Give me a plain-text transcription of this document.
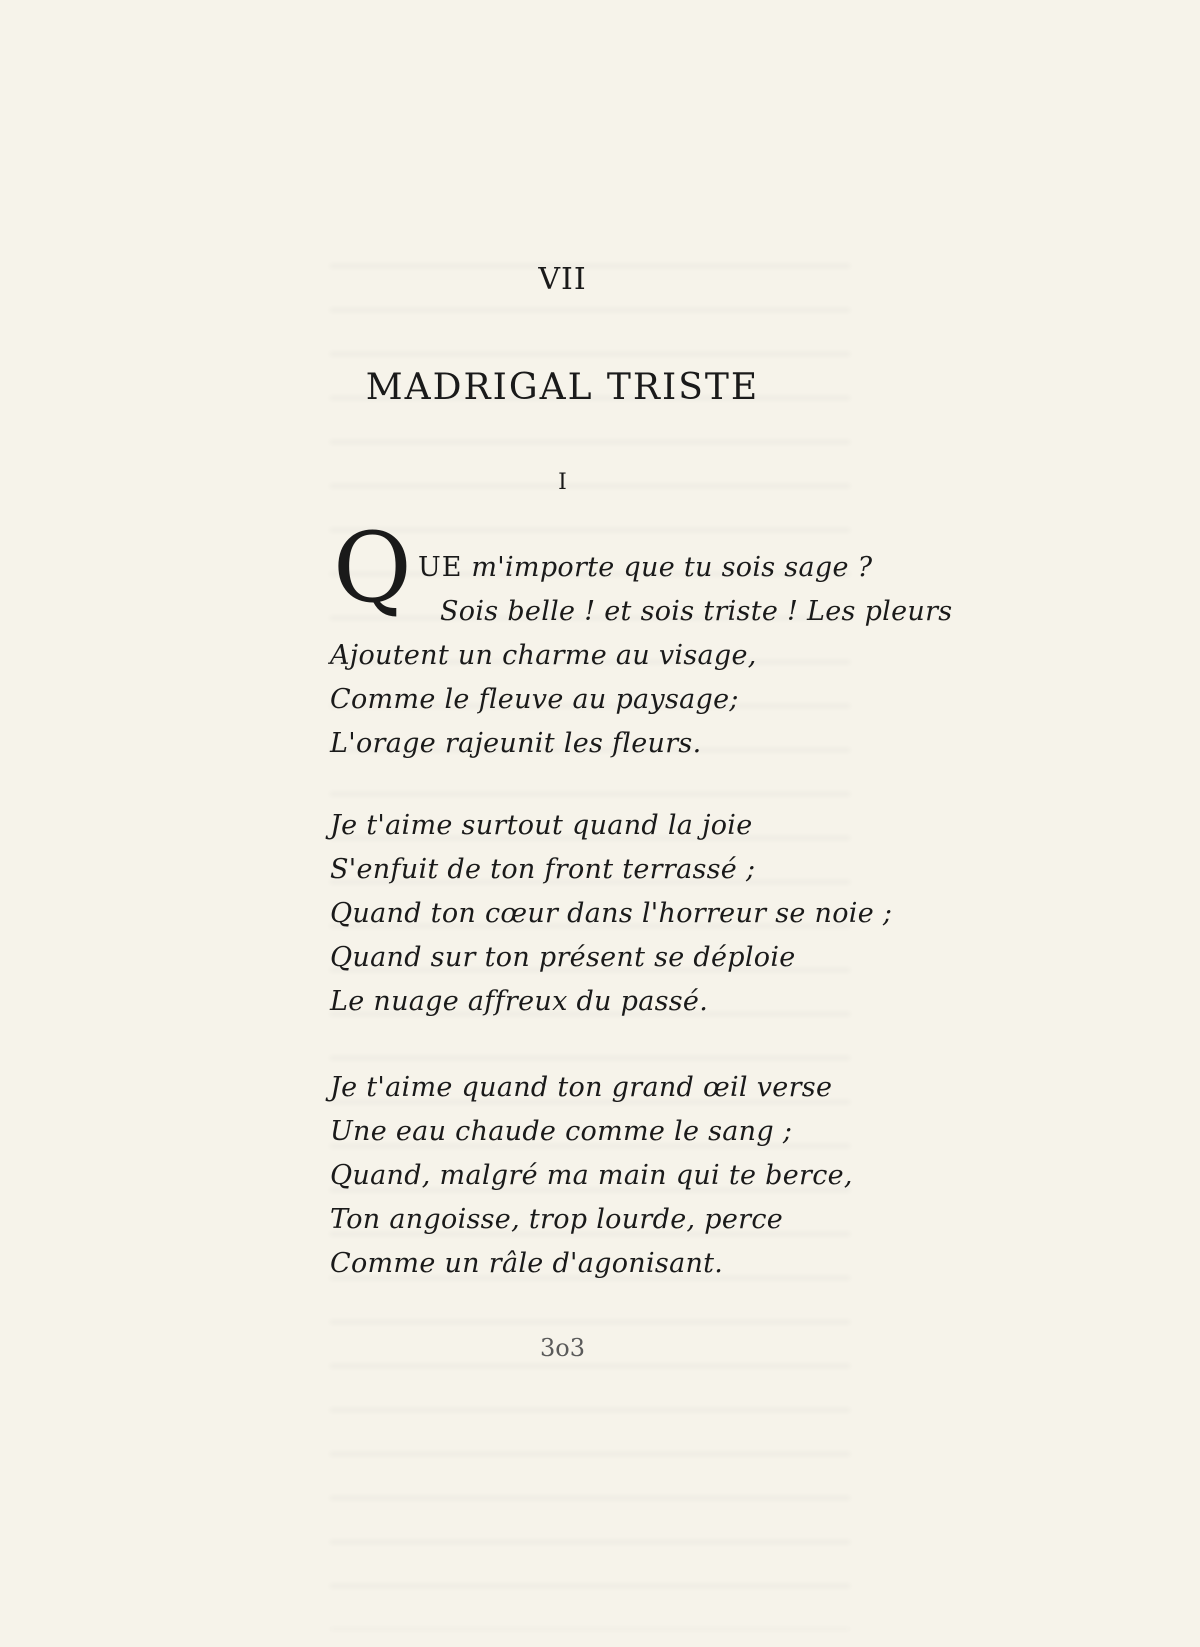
VII
MADRIGAL TRISTE
I
Q UE m'importe que tu sois sage ?
Sois belle ! et sois triste ! Les pleurs
Ajoutent un charme au visage,
Comme le fleuve au paysage;
L'orage rajeunit les fleurs.
Je t'aime surtout quand la joie
S'enfuit de ton front terrassé ;
Quand ton cœur dans l'horreur se noie ;
Quand sur ton présent se déploie
Le nuage affreux du passé.
Je t'aime quand ton grand œil verse
Une eau chaude comme le sang ;
Quand, malgré ma main qui te berce,
Ton angoisse, trop lourde, perce
Comme un râle d'agonisant.
3o3
